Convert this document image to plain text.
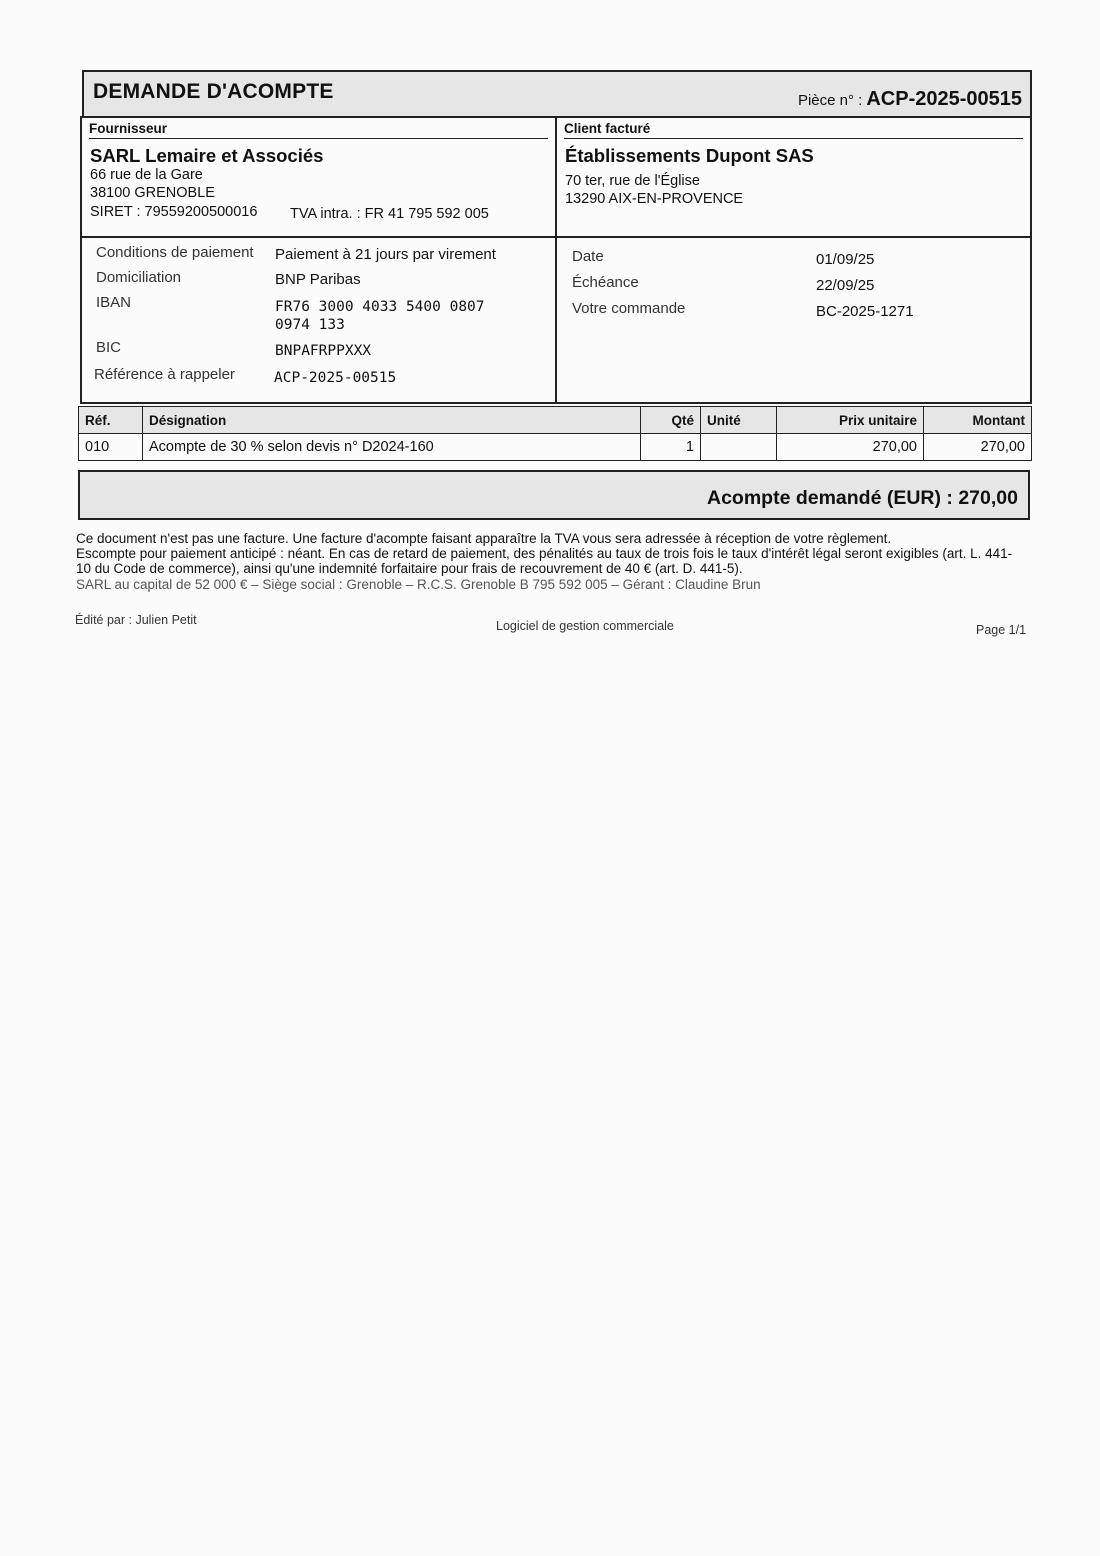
DEMANDE D'ACOMPTE	Pièce n° : ACP-2025-00515
Fournisseur
SARL Lemaire et Associés
66 rue de la Gare
38100 GRENOBLE
SIRET : 79559200500016 TVA intra. : FR 41 795 592 005
Client facturé
Établissements Dupont SAS
70 ter, rue de l'Église
13290 AIX-EN-PROVENCE
Conditions de paiement Paiement à 21 jours par virement
Domiciliation	BNP Paribas
IBAN	FR76 3000 4033 5400 0807
0974 133
BIC	BNPAFRPPXXX
Référence à rappeler	ACP-2025-00515
Date	01/09/25
Échéance	22/09/25
Votre commande	BC-2025-1271
Réf.	Désignation	Qté	Unité	Prix unitaire	Montant
010	Acompte de 30 % selon devis n° D2024-160	1		270,00	270,00
Acompte demandé (EUR) : 270,00
Ce document n'est pas une facture. Une facture d'acompte faisant apparaître la TVA vous sera adressée à réception de votre règlement.
Escompte pour paiement anticipé : néant. En cas de retard de paiement, des pénalités au taux de trois fois le taux d'intérêt légal seront exigibles (art. L. 441-10 du Code de commerce), ainsi qu'une indemnité forfaitaire pour frais de recouvrement de 40 € (art. D. 441-5).
SARL au capital de 52 000 € – Siège social : Grenoble – R.C.S. Grenoble B 795 592 005 – Gérant : Claudine Brun
Édité par : Julien Petit	Logiciel de gestion commerciale	Page 1/1
